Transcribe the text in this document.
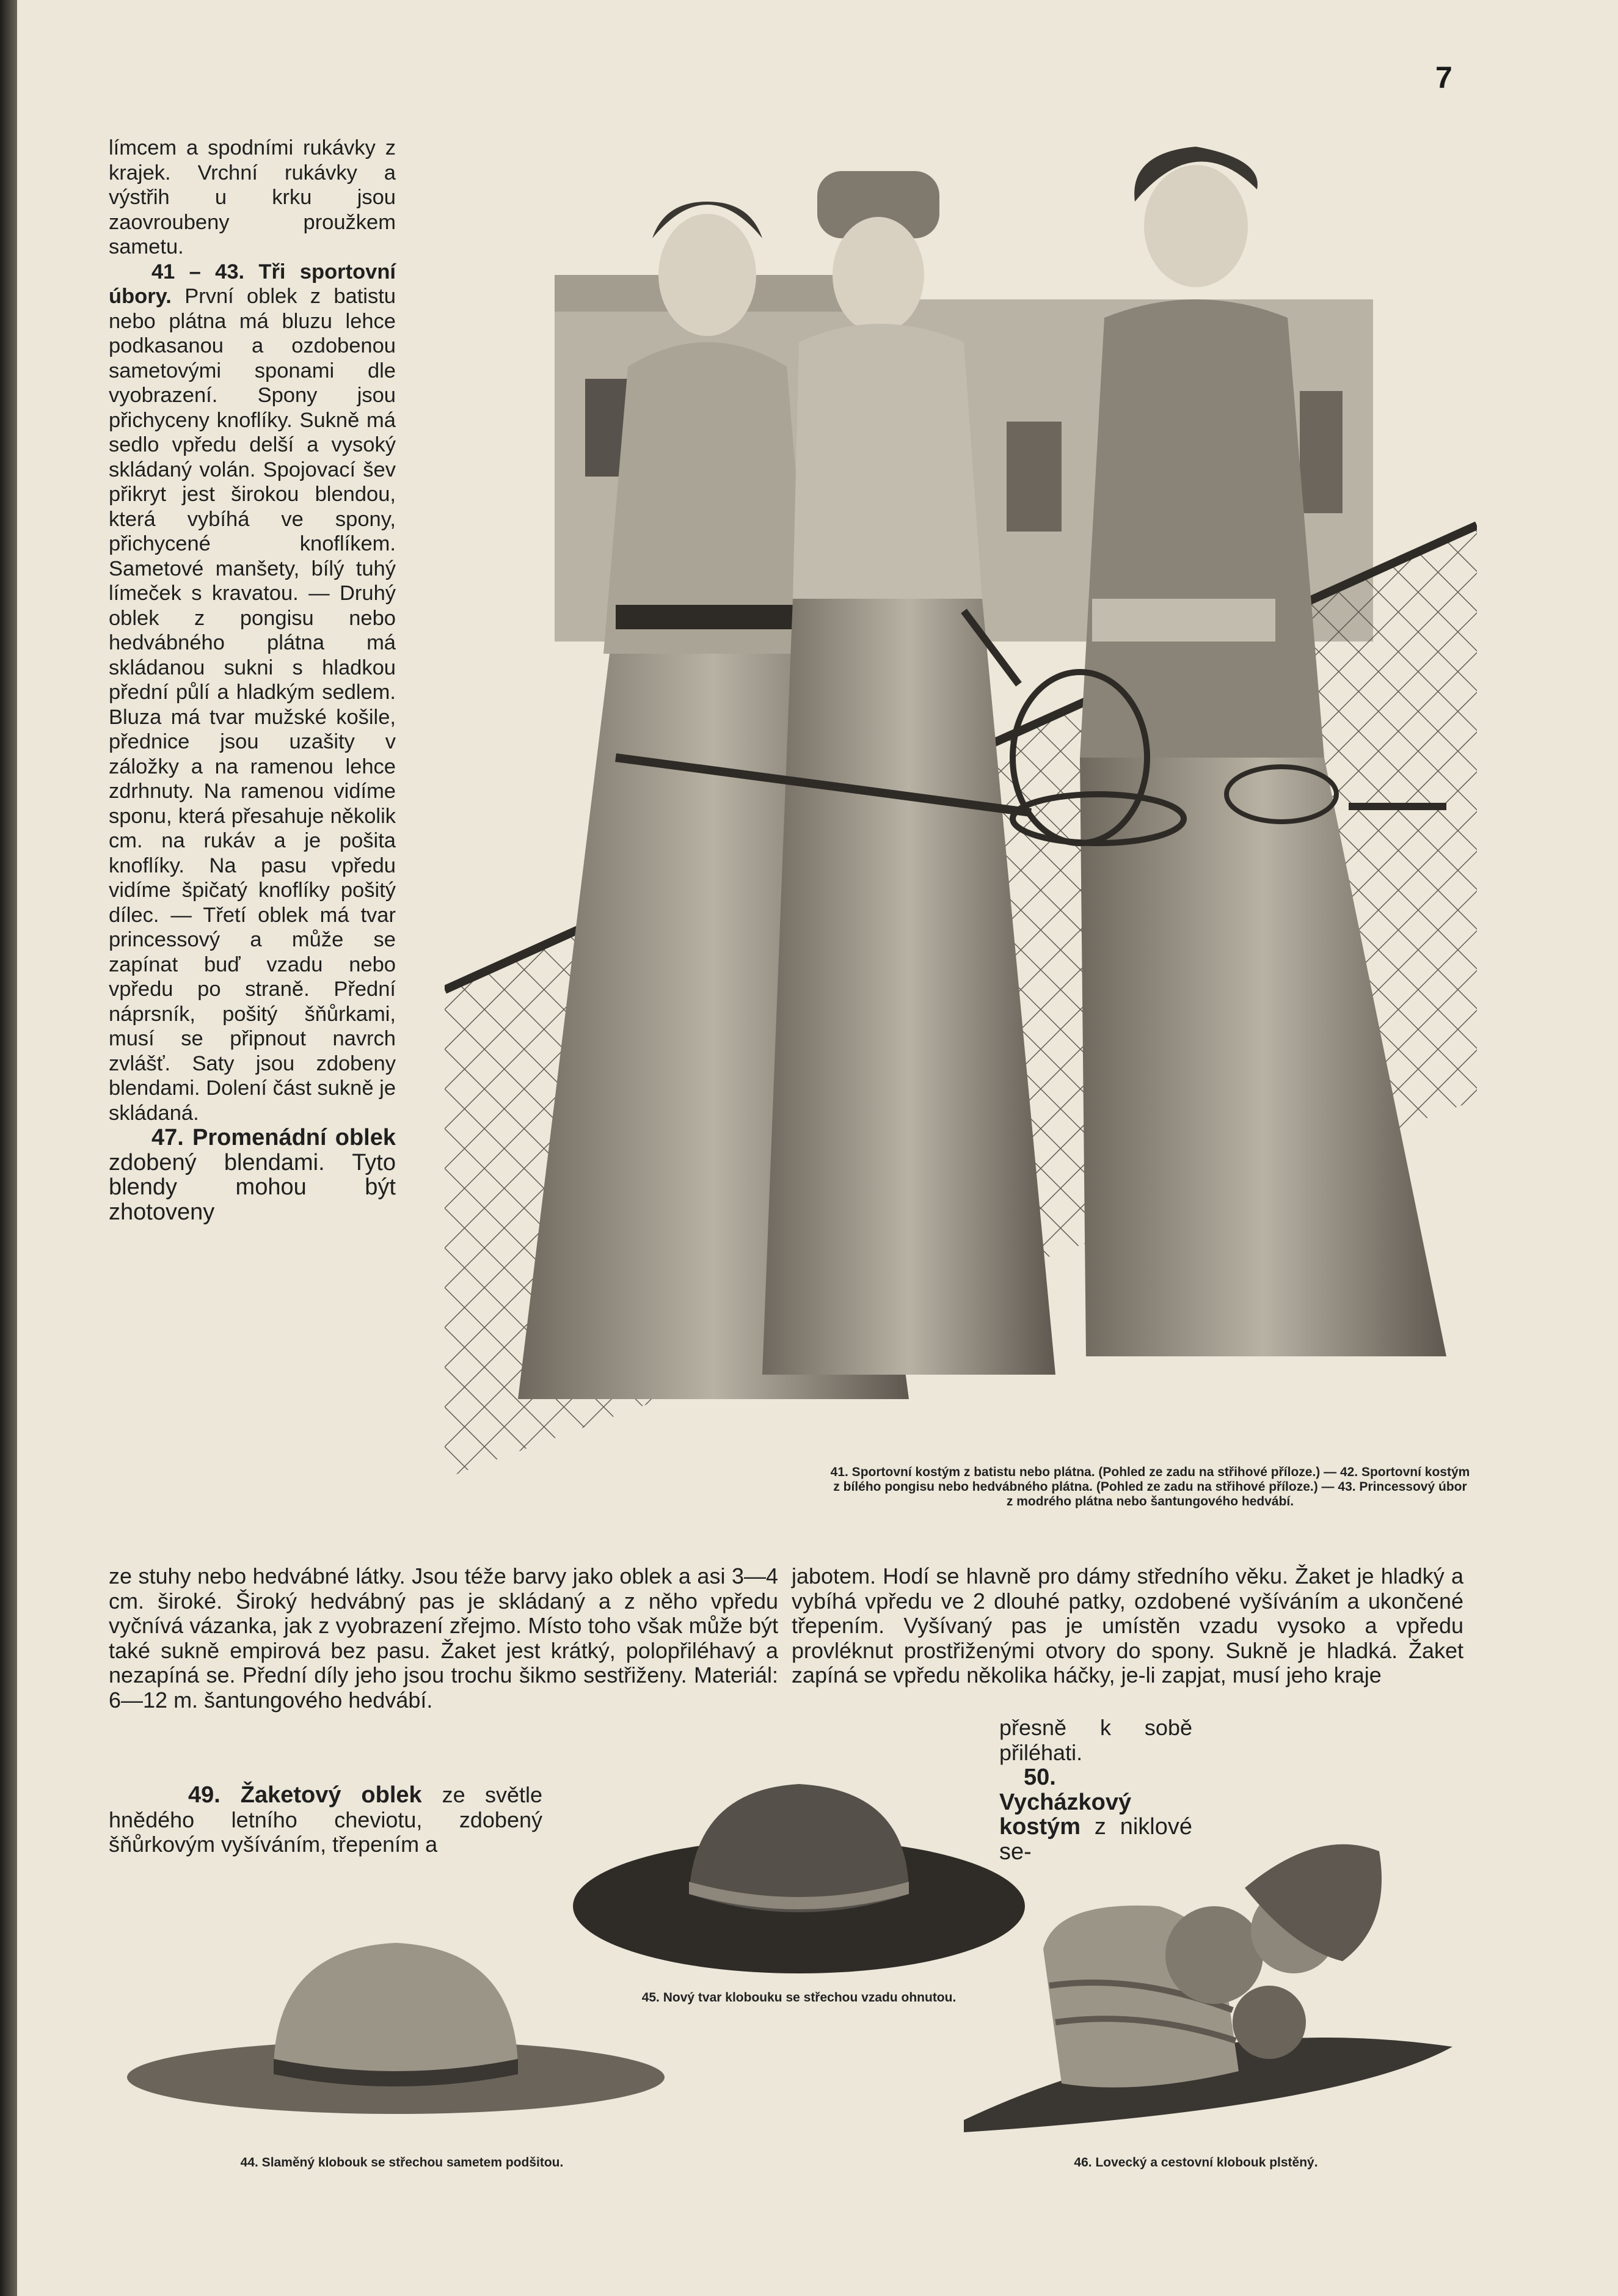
7
41. Sportovní kostým z batistu nebo plátna. (Pohled ze zadu na střihové příloze.) — 42. Sportovní kostým z bílého pongisu nebo hedvábného plátna. (Pohled ze zadu na střihové příloze.) — 43. Princessový úbor z modrého plátna nebo šantungového hedvábí.

límcem a spodními rukávky z krajek. Vrchní rukávky a výstřih u krku jsou zaovroubeny proužkem sametu.

41 – 43. Tři sportovní úbory. První oblek z batistu nebo plátna má bluzu lehce podkasanou a ozdobenou sametovými sponami dle vyobrazení. Spony jsou přichyceny knoflíky. Sukně má sedlo vpředu delší a vysoký skládaný volán. Spojovací šev přikryt jest širokou blendou, která vybíhá ve spony, přichycené knoflíkem. Sametové manšety, bílý tuhý límeček s kravatou. — Druhý oblek z pongisu nebo hedvábného plátna má skládanou sukni s hladkou přední půlí a hladkým sedlem. Bluza má tvar mužské košile, přednice jsou uzašity v záložky a na ramenou lehce zdrhnuty. Na ramenou vidíme sponu, která přesahuje několik cm. na rukáv a je pošita knoflíky. Na pasu vpředu vidíme špičatý knoflíky pošitý dílec. — Třetí oblek má tvar princessový a může se zapínat buď vzadu nebo vpředu po straně. Přední náprsník, pošitý šňůrkami, musí se připnout navrch zvlášť. Saty jsou zdobeny blendami. Dolení část sukně je skládaná.

47. Promenádní oblek zdobený blendami. Tyto blendy mohou být zhotoveny

ze stuhy nebo hedvábné látky. Jsou téže barvy jako oblek a asi 3—4 cm. široké. Široký hedvábný pas je skládaný a z něho vpředu vyčnívá vázanka, jak z vyobrazení zřejmo. Místo toho však může být také sukně empirová bez pasu. Žaket jest krátký, polopřiléhavý a nezapíná se. Přední díly jeho jsou trochu šikmo sestřiženy. Materiál: 6—12 m. šantungového hedvábí.

jabotem. Hodí se hlavně pro dámy středního věku. Žaket je hladký a vybíhá vpředu ve 2 dlouhé patky, ozdobené vyšíváním a ukončené třepením. Vyšívaný pas je umístěn vzadu vysoko a vpředu provléknut prostřiženými otvory do spony. Sukně je hladká. Žaket zapíná se vpředu několika háčky, je-li zapjat, musí jeho kraje

přesně k sobě přiléhati.

50. Vycházkový kostým z niklové se-

49. Žaketový oblek ze světle hnědého letního cheviotu, zdobený šňůrkovým vyšíváním, třepením a

45. Nový tvar klobouku se střechou vzadu ohnutou.
44. Slaměný klobouk se střechou sametem podšitou.	46. Lovecký a cestovní klobouk plstěný.
